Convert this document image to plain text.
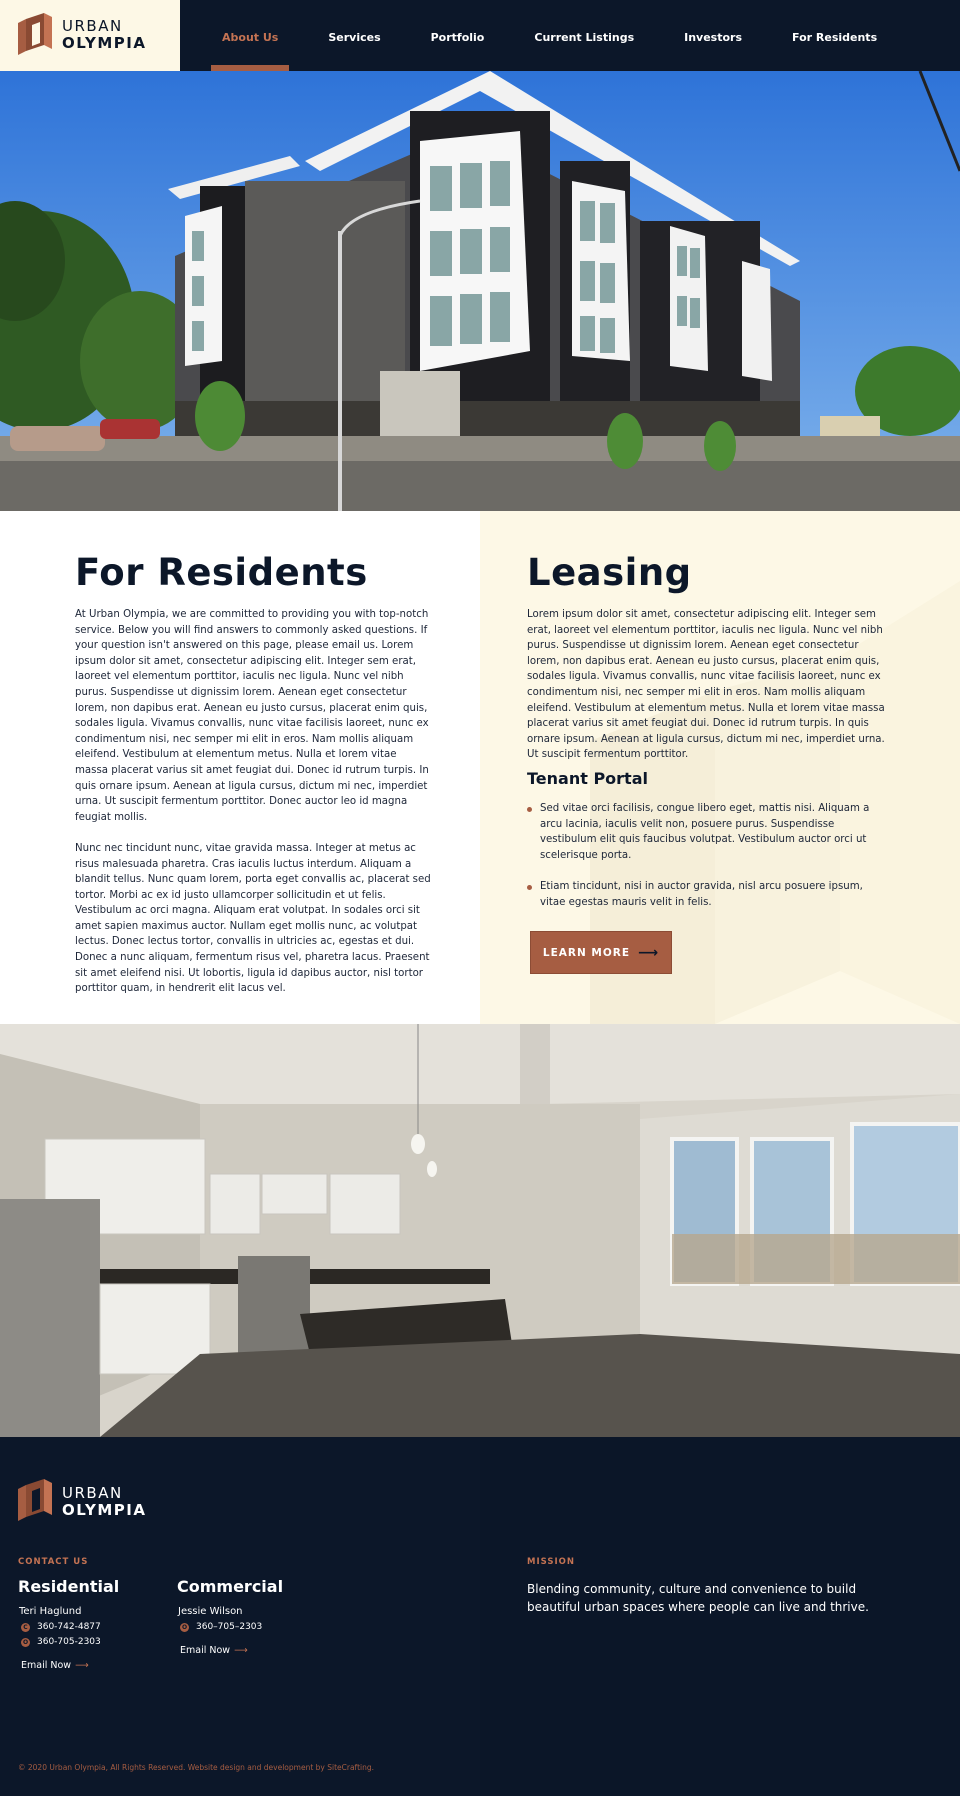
URBAN
OLYMPIA	About Us	Services	Portfolio	Current Listings	Investors	For Residents
For Residents

At Urban Olympia, we are committed to providing you with top-notch service. Below you will find answers to commonly asked questions. If your question isn't answered on this page, please email us. Lorem ipsum dolor sit amet, consectetur adipiscing elit. Integer sem erat, laoreet vel elementum porttitor, iaculis nec ligula. Nunc vel nibh purus. Suspendisse ut dignissim lorem. Aenean eget consectetur lorem, non dapibus erat. Aenean eu justo cursus, placerat enim quis, sodales ligula. Vivamus convallis, nunc vitae facilisis laoreet, nunc ex condimentum nisi, nec semper mi elit in eros. Nam mollis aliquam eleifend. Vestibulum at elementum metus. Nulla et lorem vitae massa placerat varius sit amet feugiat dui. Donec id rutrum turpis. In quis ornare ipsum. Aenean at ligula cursus, dictum mi nec, imperdiet urna. Ut suscipit fermentum porttitor. Donec auctor leo id magna feugiat mollis.

Nunc nec tincidunt nunc, vitae gravida massa. Integer at metus ac risus malesuada pharetra. Cras iaculis luctus interdum. Aliquam a blandit tellus. Nunc quam lorem, porta eget convallis ac, placerat sed tortor. Morbi ac ex id justo ullamcorper sollicitudin et ut felis. Vestibulum ac orci magna. Aliquam erat volutpat. In sodales orci sit amet sapien maximus auctor. Nullam eget mollis nunc, ac volutpat lectus. Donec lectus tortor, convallis in ultricies ac, egestas et dui. Donec a nunc aliquam, fermentum risus vel, pharetra lacus. Praesent sit amet eleifend nisi. Ut lobortis, ligula id dapibus auctor, nisl tortor porttitor quam, in hendrerit elit lacus vel.

Leasing

Lorem ipsum dolor sit amet, consectetur adipiscing elit. Integer sem erat, laoreet vel elementum porttitor, iaculis nec ligula. Nunc vel nibh purus. Suspendisse ut dignissim lorem. Aenean eget consectetur lorem, non dapibus erat. Aenean eu justo cursus, placerat enim quis, sodales ligula. Vivamus convallis, nunc vitae facilisis laoreet, nunc ex condimentum nisi, nec semper mi elit in eros. Nam mollis aliquam eleifend. Vestibulum at elementum metus. Nulla et lorem vitae massa placerat varius sit amet feugiat dui. Donec id rutrum turpis. In quis ornare ipsum. Aenean at ligula cursus, dictum mi nec, imperdiet urna. Ut suscipit fermentum porttitor.

Tenant Portal
Sed vitae orci facilisis, congue libero eget, mattis nisi. Aliquam a arcu lacinia, iaculis velit non, posuere purus. Suspendisse vestibulum elit quis faucibus volutpat. Vestibulum auctor orci ut scelerisque porta.
Etiam tincidunt, nisi in auctor gravida, nisl arcu posuere ipsum, vitae egestas mauris velit in felis.
LEARN MORE ⟶
URBAN
OLYMPIA
CONTACT US
Residential
Teri Haglund
C 360-742-4877
O 360-705-2303
Email Now ⟶
Commercial
Jessie Wilson
O 360–705–2303
Email Now ⟶
MISSION

Blending community, culture and convenience to build beautiful urban spaces where people can live and thrive.

© 2020 Urban Olympia, All Rights Reserved. Website design and development by SiteCrafting.
